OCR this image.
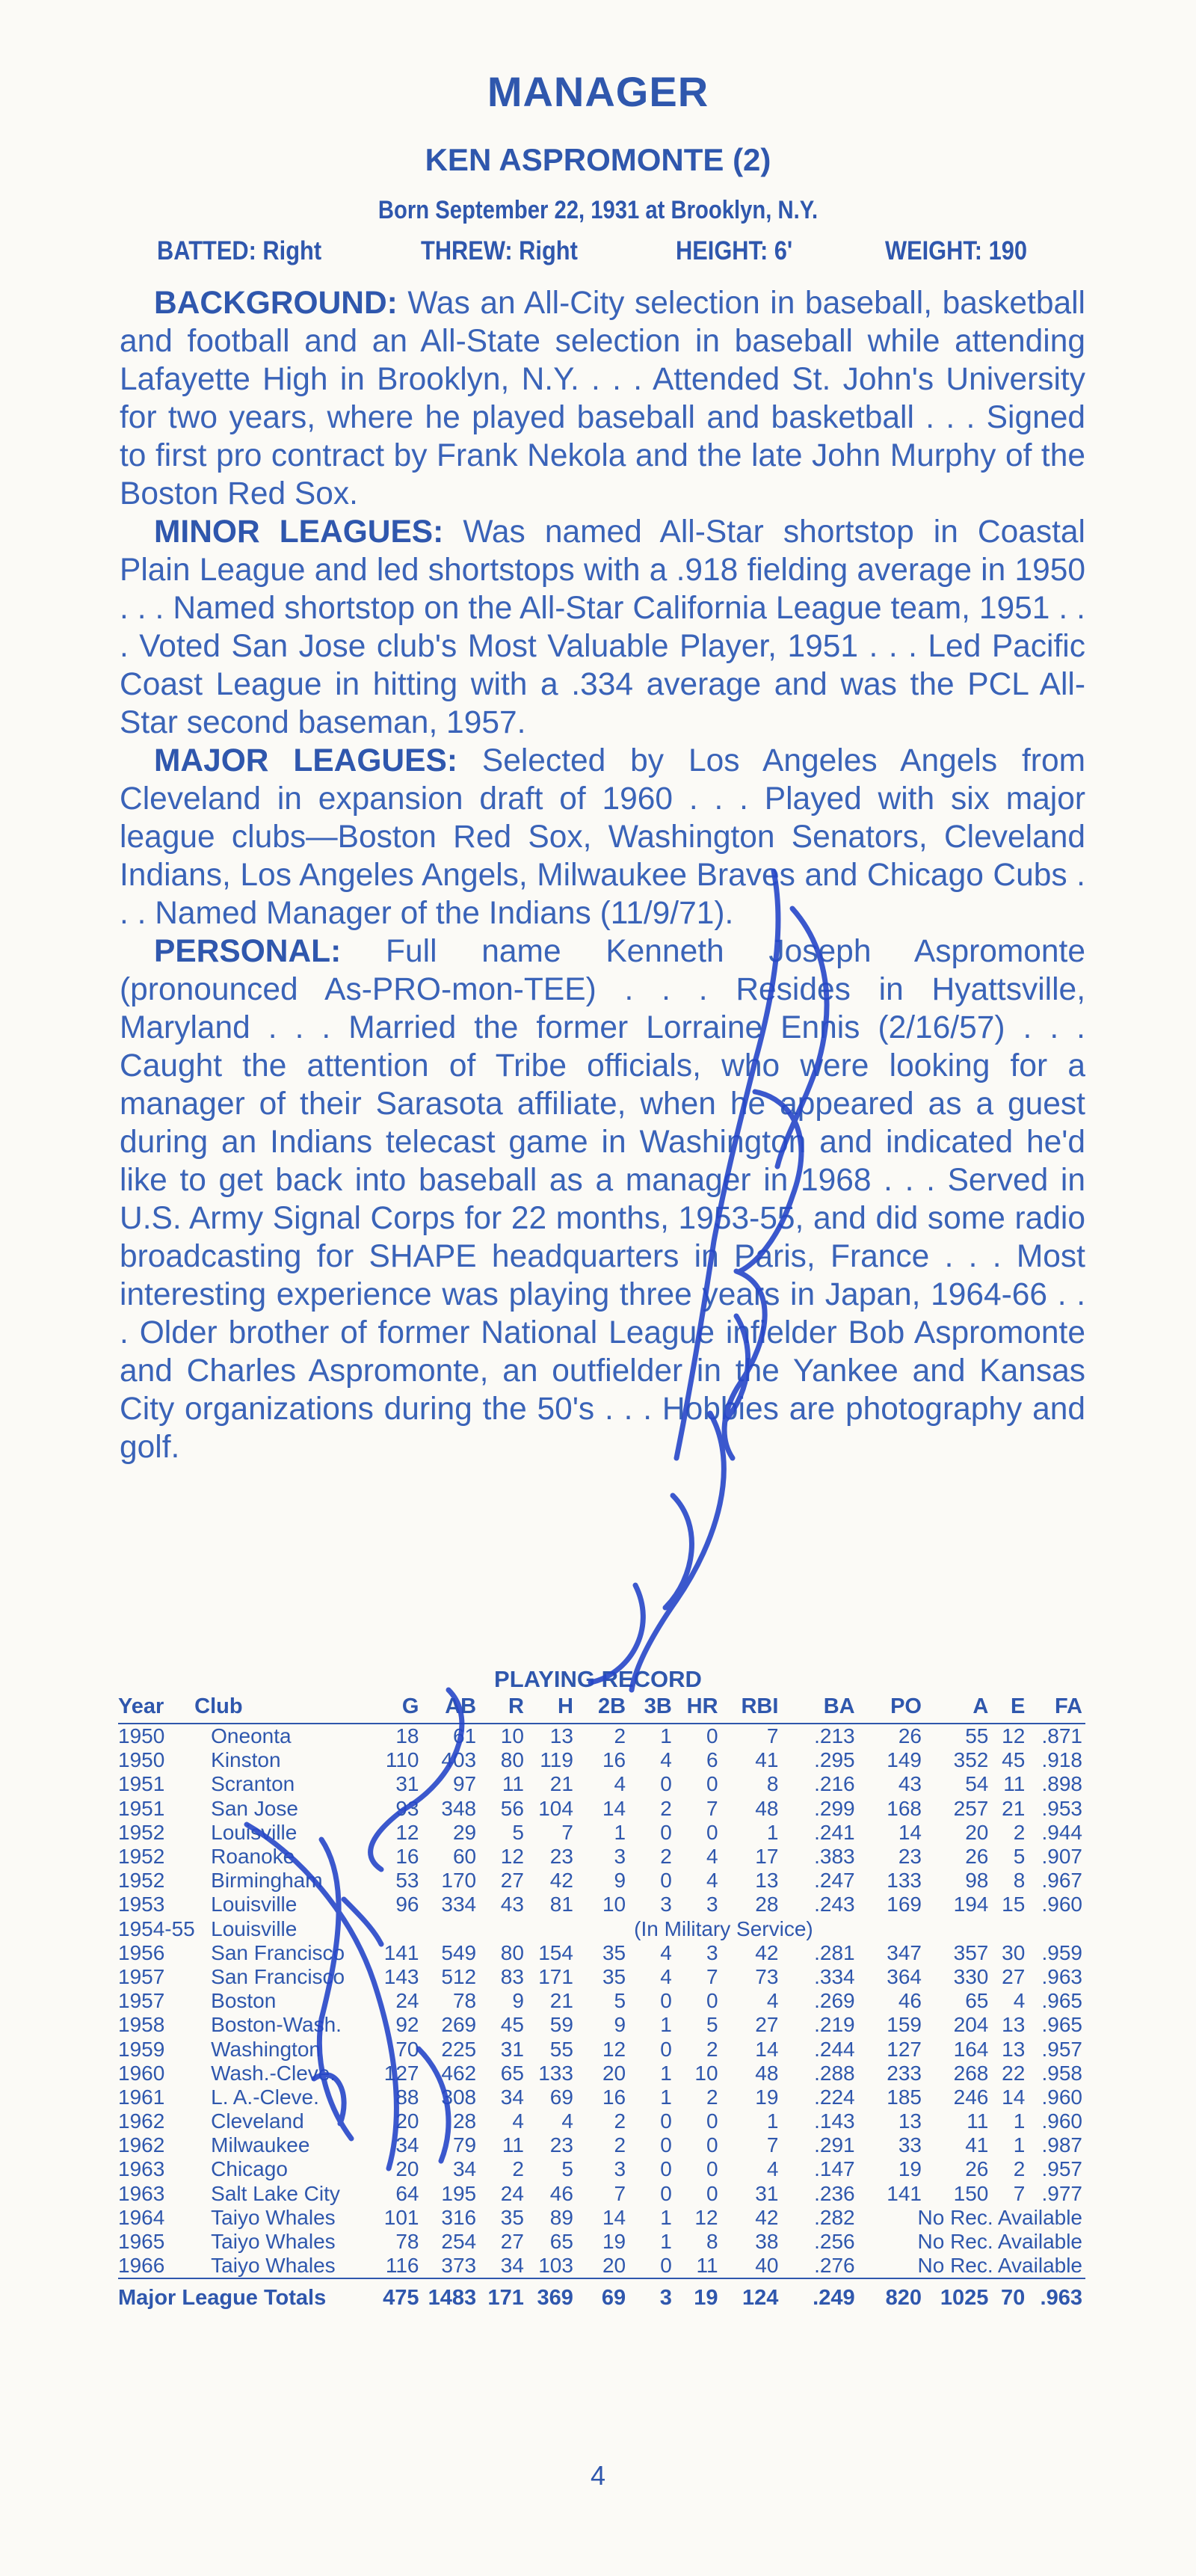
MANAGER
KEN ASPROMONTE (2)
Born September 22, 1931 at Brooklyn, N.Y.
BATTED: Right	THREW: Right	HEIGHT: 6'	WEIGHT: 190

BACKGROUND: Was an All-City selection in baseball, basketball and football and an All-State selection in baseball while attending Lafayette High in Brooklyn, N.Y. . . . Attended St. John's University for two years, where he played baseball and basketball . . . Signed to first pro contract by Frank Nekola and the late John Murphy of the Boston Red Sox.

MINOR LEAGUES: Was named All-Star shortstop in Coastal Plain League and led shortstops with a .918 fielding average in 1950 . . . Named shortstop on the All-Star California League team, 1951 . . . Voted San Jose club's Most Valuable Player, 1951 . . . Led Pacific Coast League in hitting with a .334 average and was the PCL All-Star second baseman, 1957.

MAJOR LEAGUES: Selected by Los Angeles Angels from Cleveland in expansion draft of 1960 . . . Played with six major league clubs—Boston Red Sox, Washington Senators, Cleveland Indians, Los Angeles Angels, Milwaukee Braves and Chicago Cubs . . . Named Manager of the Indians (11/9/71).

PERSONAL: Full name Kenneth Joseph Aspromonte (pronounced As-PRO-mon-TEE) . . . Resides in Hyattsville, Maryland . . . Married the former Lorraine Ennis (2/16/57) . . . Caught the attention of Tribe officials, who were looking for a manager of their Sarasota affiliate, when he appeared as a guest during an Indians telecast game in Washington and indicated he'd like to get back into baseball as a manager in 1968 . . . Served in U.S. Army Signal Corps for 22 months, 1953-55, and did some radio broadcasting for SHAPE headquarters in Paris, France . . . Most interesting experience was playing three years in Japan, 1964-66 . . . Older brother of former National League infielder Bob Aspromonte and Charles Aspromonte, an outfielder in the Yankee and Kansas City organizations during the 50's . . . Hobbies are photography and golf.

PLAYING RECORD
Year	Club	G	AB	R	H	2B	3B	HR	RBI	BA	PO	A	E	FA
1950	Oneonta	18	61	10	13	2	1	0	7	.213	26	55	12	.871
1950	Kinston	110	403	80	119	16	4	6	41	.295	149	352	45	.918
1951	Scranton	31	97	11	21	4	0	0	8	.216	43	54	11	.898
1951	San Jose	93	348	56	104	14	2	7	48	.299	168	257	21	.953
1952	Louisville	12	29	5	7	1	0	0	1	.241	14	20	2	.944
1952	Roanoke	16	60	12	23	3	2	4	17	.383	23	26	5	.907
1952	Birmingham	53	170	27	42	9	0	4	13	.247	133	98	8	.967
1953	Louisville	96	334	43	81	10	3	3	28	.243	169	194	15	.960
1954-55	Louisville	(In Military Service)												
1956	San Francisco	141	549	80	154	35	4	3	42	.281	347	357	30	.959
1957	San Francisco	143	512	83	171	35	4	7	73	.334	364	330	27	.963
1957	Boston	24	78	9	21	5	0	0	4	.269	46	65	4	.965
1958	Boston-Wash.	92	269	45	59	9	1	5	27	.219	159	204	13	.965
1959	Washington	70	225	31	55	12	0	2	14	.244	127	164	13	.957
1960	Wash.-Cleve.	127	462	65	133	20	1	10	48	.288	233	268	22	.958
1961	L. A.-Cleve.	88	308	34	69	16	1	2	19	.224	185	246	14	.960
1962	Cleveland	20	28	4	4	2	0	0	1	.143	13	11	1	.960
1962	Milwaukee	34	79	11	23	2	0	0	7	.291	33	41	1	.987
1963	Chicago	20	34	2	5	3	0	0	4	.147	19	26	2	.957
1963	Salt Lake City	64	195	24	46	7	0	0	31	.236	141	150	7	.977
1964	Taiyo Whales	101	316	35	89	14	1	12	42	.282	No Rec. Available			
1965	Taiyo Whales	78	254	27	65	19	1	8	38	.256	No Rec. Available			
1966	Taiyo Whales	116	373	34	103	20	0	11	40	.276	No Rec. Available			
Major League Totals		475	1483	171	369	69	3	19	124	.249	820	1025	70	.963
4
